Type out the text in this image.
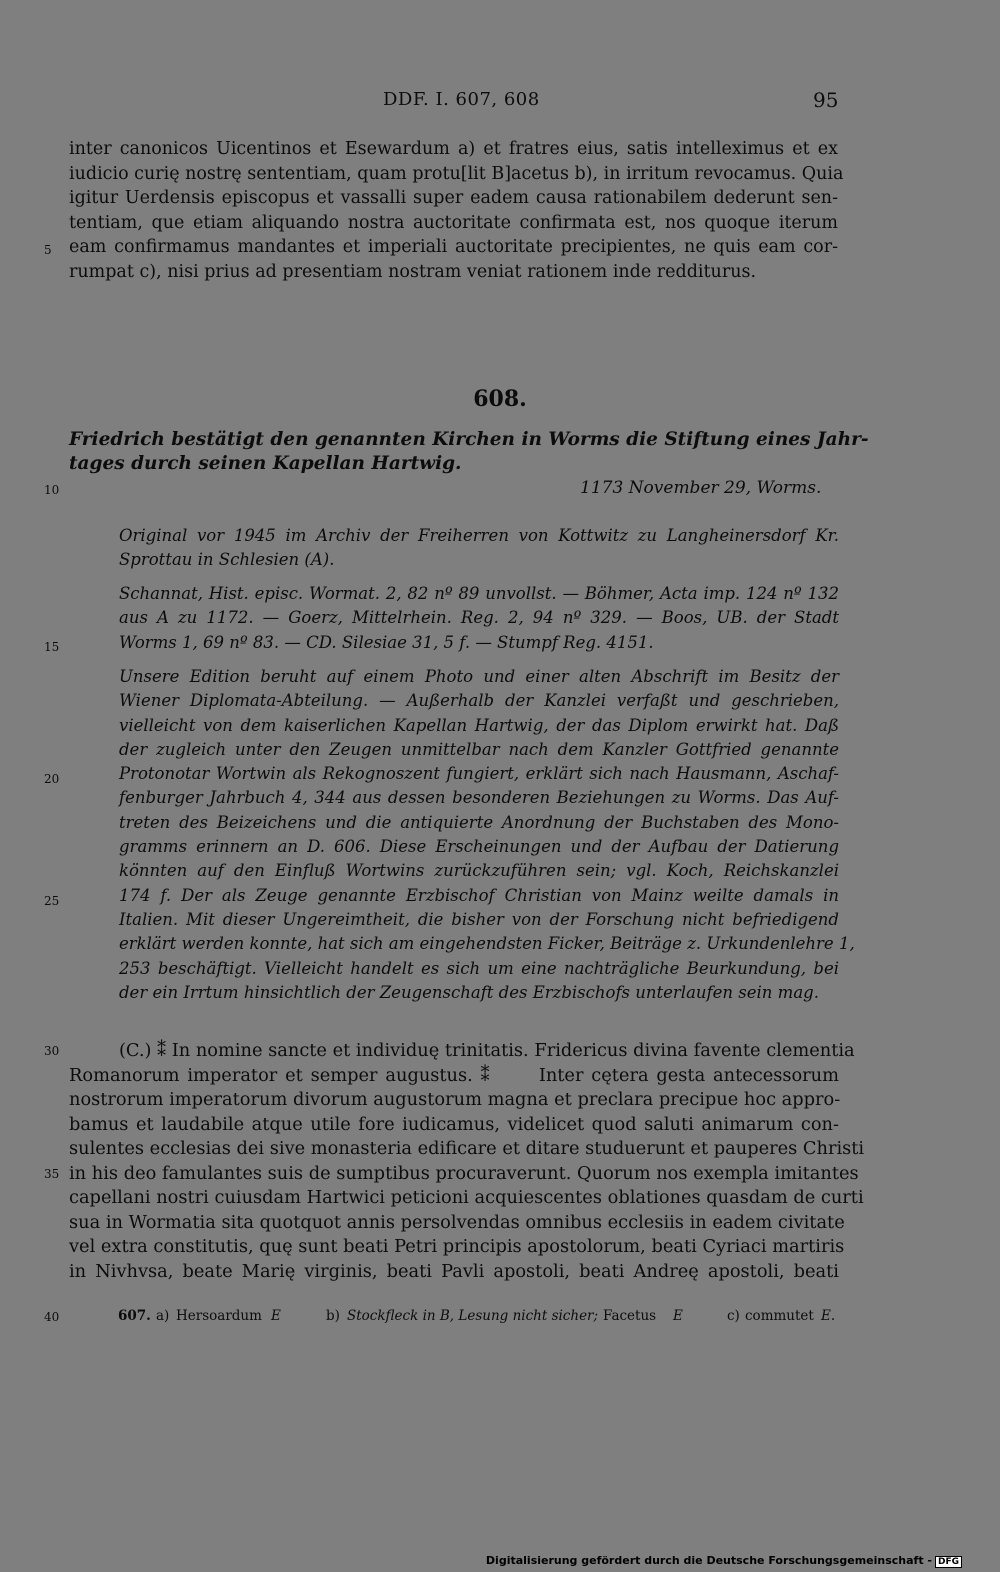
DDF. I. 607, 608	95
inter canonicos Uicentinos et Esewardum a) et fratres eius, satis intelleximus et ex
iudicio curię nostrę sententiam, quam protu[lit B]acetus b), in irritum revocamus. Quia
igitur Uerdensis episcopus et vassalli super eadem causa rationabilem dederunt sen-
tentiam, que etiam aliquando nostra auctoritate confirmata est, nos quoque iterum
eam confirmamus mandantes et imperiali auctoritate precipientes, ne quis eam cor-
rumpat c), nisi prius ad presentiam nostram veniat rationem inde redditurus.
5
10
15
20
25
30
35
40
608.
Friedrich bestätigt den genannten Kirchen in Worms die Stiftung eines Jahr-
tages durch seinen Kapellan Hartwig.
1173 November 29, Worms.
Original vor 1945 im Archiv der Freiherren von Kottwitz zu Langheinersdorf Kr.
Sprottau in Schlesien (A).
Schannat, Hist. episc. Wormat. 2, 82 nº 89 unvollst. — Böhmer, Acta imp. 124 nº 132
aus A zu 1172. — Goerz, Mittelrhein. Reg. 2, 94 nº 329. — Boos, UB. der Stadt
Worms 1, 69 nº 83. — CD. Silesiae 31, 5 f. — Stumpf Reg. 4151.
Unsere Edition beruht auf einem Photo und einer alten Abschrift im Besitz der
Wiener Diplomata-Abteilung. — Außerhalb der Kanzlei verfaßt und geschrieben,
vielleicht von dem kaiserlichen Kapellan Hartwig, der das Diplom erwirkt hat. Daß
der zugleich unter den Zeugen unmittelbar nach dem Kanzler Gottfried genannte
Protonotar Wortwin als Rekognoszent fungiert, erklärt sich nach Hausmann, Aschaf-
fenburger Jahrbuch 4, 344 aus dessen besonderen Beziehungen zu Worms. Das Auf-
treten des Beizeichens und die antiquierte Anordnung der Buchstaben des Mono-
gramms erinnern an D. 606. Diese Erscheinungen und der Aufbau der Datierung
könnten auf den Einfluß Wortwins zurückzuführen sein; vgl. Koch, Reichskanzlei
174 f. Der als Zeuge genannte Erzbischof Christian von Mainz weilte damals in
Italien. Mit dieser Ungereimtheit, die bisher von der Forschung nicht befriedigend
erklärt werden konnte, hat sich am eingehendsten Ficker, Beiträge z. Urkundenlehre 1,
253 beschäftigt. Vielleicht handelt es sich um eine nachträgliche Beurkundung, bei
der ein Irrtum hinsichtlich der Zeugenschaft des Erzbischofs unterlaufen sein mag.
(C.) ⁑ In nomine sancte et individuę trinitatis. Fridericus divina favente clementia
Romanorum imperator et semper augustus. ⁑      Inter cętera gesta antecessorum
nostrorum imperatorum divorum augustorum magna et preclara precipue hoc appro-
bamus et laudabile atque utile fore iudicamus, videlicet quod saluti animarum con-
sulentes ecclesias dei sive monasteria edificare et ditare studuerunt et pauperes Christi
in his deo famulantes suis de sumptibus procuraverunt. Quorum nos exempla imitantes
capellani nostri cuiusdam Hartwici peticioni acquiescentes oblationes quasdam de curti
sua in Wormatia sita quotquot annis persolvendas omnibus ecclesiis in eadem civitate
vel extra constitutis, quę sunt beati Petri principis apostolorum, beati Cyriaci martiris
in Nivhvsa, beate Marię virginis, beati Pavli apostoli, beati Andreę apostoli, beati
607. a) Hersoardum E	b) Stockfleck in B, Lesung nicht sicher; Facetus E	c) commutet E.
Digitalisierung gefördert durch die Deutsche Forschungsgemeinschaft - DFG
